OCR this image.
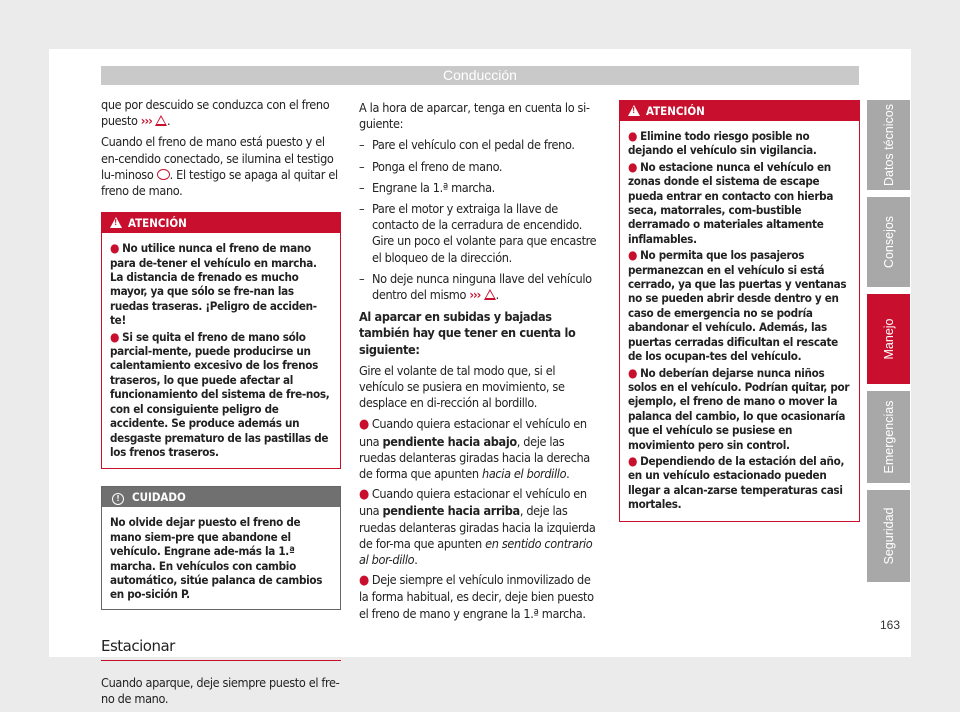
Conducción

que por descuido se conduzca con el freno puesto ››› .

Cuando el freno de mano está puesto y el en-cendido conectado, se ilumina el testigo lu-minoso . El testigo se apaga al quitar el freno de mano.

!ATENCIÓN
● No utilice nunca el freno de mano para de-tener el vehículo en marcha. La distancia de frenado es mucho mayor, ya que sólo se fre-nan las ruedas traseras. ¡Peligro de acciden-te!
● Si se quita el freno de mano sólo parcial-mente, puede producirse un calentamiento excesivo de los frenos traseros, lo que puede afectar al funcionamiento del sistema de fre-nos, con el consiguiente peligro de accidente. Se produce además un desgaste prematuro de las pastillas de los frenos traseros.
! CUIDADO
No olvide dejar puesto el freno de mano siem-pre que abandone el vehículo. Engrane ade-más la 1.ª marcha. En vehículos con cambio automático, sitúe palanca de cambios en po-sición P.
Estacionar

Cuando aparque, deje siempre puesto el fre-no de mano.

A la hora de aparcar, tenga en cuenta lo si-guiente:

– Pare el vehículo con el pedal de freno.
– Ponga el freno de mano.
– Engrane la 1.ª marcha.
– Pare el motor y extraiga la llave de contacto de la cerradura de encendido. Gire un poco el volante para que encastre el bloqueo de la dirección.
– No deje nunca ninguna llave del vehículo dentro del mismo ››› .

Al aparcar en subidas y bajadas también hay que tener en cuenta lo siguiente:

Gire el volante de tal modo que, si el vehículo se pusiera en movimiento, se desplace en di-rección al bordillo.

● Cuando quiera estacionar el vehículo en una pendiente hacia abajo, deje las ruedas delanteras giradas hacia la derecha de forma que apunten hacia el bordillo.
● Cuando quiera estacionar el vehículo en una pendiente hacia arriba, deje las ruedas delanteras giradas hacia la izquierda de for-ma que apunten en sentido contrario al bor-dillo.
● Deje siempre el vehículo inmovilizado de la forma habitual, es decir, deje bien puesto el freno de mano y engrane la 1.ª marcha.
!ATENCIÓN
● Elimine todo riesgo posible no dejando el vehículo sin vigilancia.
● No estacione nunca el vehículo en zonas donde el sistema de escape pueda entrar en contacto con hierba seca, matorrales, com-bustible derramado o materiales altamente inflamables.
● No permita que los pasajeros permanezcan en el vehículo si está cerrado, ya que las puertas y ventanas no se pueden abrir desde dentro y en caso de emergencia no se podría abandonar el vehículo. Además, las puertas cerradas dificultan el rescate de los ocupan-tes del vehículo.
● No deberían dejarse nunca niños solos en el vehículo. Podrían quitar, por ejemplo, el freno de mano o mover la palanca del cambio, lo que ocasionaría que el vehículo se pusiese en movimiento pero sin control.
● Dependiendo de la estación del año, en un vehículo estacionado pueden llegar a alcan-zarse temperaturas casi mortales.
Datos técnicos
Consejos
Manejo
Emergencias
Seguridad
163
